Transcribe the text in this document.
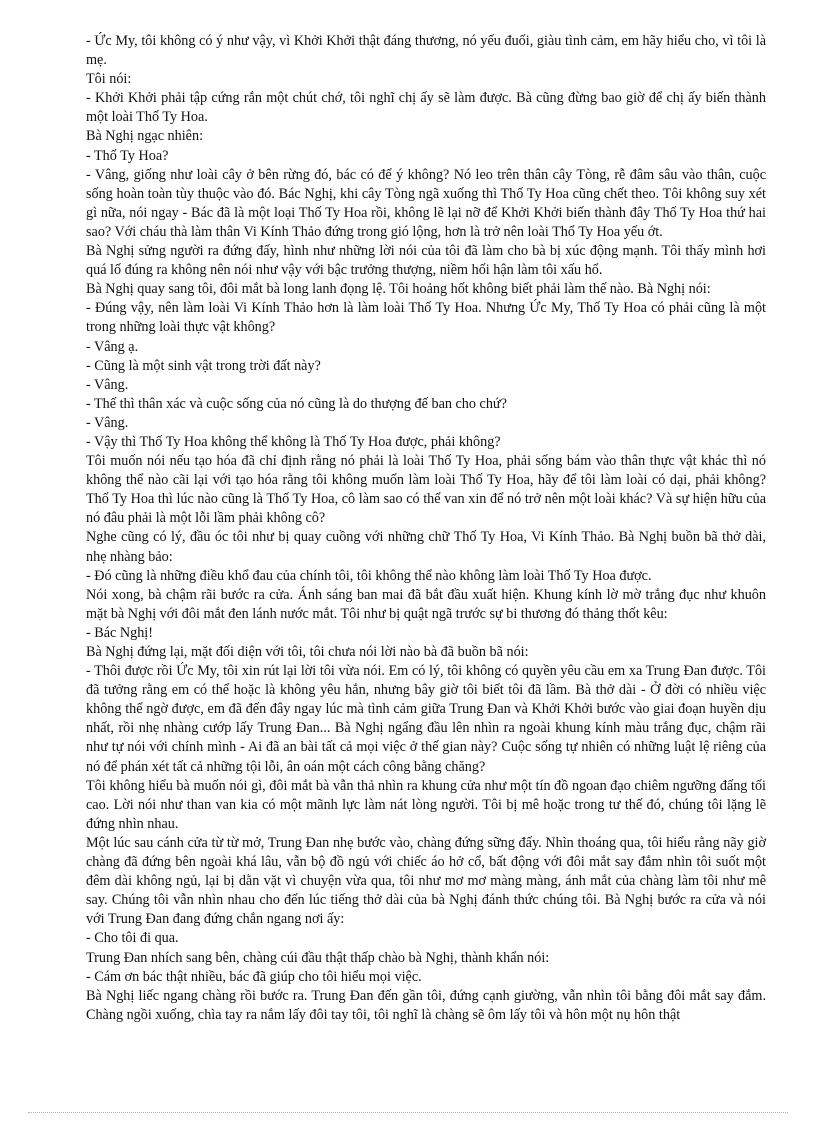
- Ức My, tôi không có ý như vậy, vì Khởi Khởi thật đáng thương, nó yếu đuối, giàu tình cảm, em hãy hiểu cho, vì tôi là mẹ.

Tôi nói:

- Khởi Khởi phải tập cứng rắn một chút chớ, tôi nghĩ chị ấy sẽ làm được. Bà cũng đừng bao giờ để chị ấy biến thành một loài Thố Ty Hoa.

Bà Nghị ngạc nhiên:

- Thố Ty Hoa?

- Vâng, giống như loài cây ở bên rừng đó, bác có để ý không? Nó leo trên thân cây Tòng, rễ đâm sâu vào thân, cuộc sống hoàn toàn tùy thuộc vào đó. Bác Nghị, khi cây Tòng ngã xuống thì Thố Ty Hoa cũng chết theo. Tôi không suy xét gì nữa, nói ngay - Bác đã là một loại Thố Ty Hoa rồi, không lẽ lại nỡ để Khởi Khởi biến thành đây Thố Ty Hoa thứ hai sao? Với cháu thà làm thân Vi Kính Thảo đứng trong gió lộng, hơn là trở nên loài Thố Ty Hoa yếu ớt.

Bà Nghị sửng người ra đứng đấy, hình như những lời nói của tôi đã làm cho bà bị xúc động mạnh. Tôi thấy mình hơi quá lố đúng ra không nên nói như vậy với bậc trưởng thượng, niềm hối hận làm tôi xấu hổ.

Bà Nghị quay sang tôi, đôi mắt bà long lanh đọng lệ. Tôi hoảng hốt không biết phải làm thế nào. Bà Nghị nói:

- Đúng vậy, nên làm loài Vi Kính Thảo hơn là làm loài Thố Ty Hoa. Nhưng Ức My, Thố Ty Hoa có phải cũng là một trong những loài thực vật không?

- Vâng ạ.

- Cũng là một sinh vật trong trời đất này?

- Vâng.

- Thế thì thân xác và cuộc sống của nó cũng là do thượng đế ban cho chứ?

- Vâng.

- Vậy thì Thố Ty Hoa không thể không là Thố Ty Hoa được, phải không?

Tôi muốn nói nếu tạo hóa đã chỉ định rằng nó phải là loài Thố Ty Hoa, phải sống bám vào thân thực vật khác thì nó không thể nào cãi lại với tạo hóa rằng tôi không muốn làm loài Thố Ty Hoa, hãy để tôi làm loài có dại, phải không? Thố Ty Hoa thì lúc nào cũng là Thố Ty Hoa, cô làm sao có thể van xin để nó trở nên một loài khác? Và sự hiện hữu của nó đâu phải là một lỗi lầm phải không cô?

Nghe cũng có lý, đầu óc tôi như bị quay cuồng với những chữ Thố Ty Hoa, Vi Kính Thảo. Bà Nghị buồn bã thở dài, nhẹ nhàng bảo:

- Đó cũng là những điều khổ đau của chính tôi, tôi không thể nào không làm loài Thố Ty Hoa được.

Nói xong, bà chậm rãi bước ra cửa. Ánh sáng ban mai đã bắt đầu xuất hiện. Khung kính lờ mờ trắng đục như khuôn mặt bà Nghị với đôi mắt đen lánh nước mắt. Tôi như bị quật ngã trước sự bi thương đó thảng thốt kêu:

- Bác Nghị!

Bà Nghị đứng lại, mặt đối diện với tôi, tôi chưa nói lời nào bà đã buồn bã nói:

- Thôi được rồi Ức My, tôi xin rút lại lời tôi vừa nói. Em có lý, tôi không có quyền yêu cầu em xa Trung Đan được. Tôi đã tưởng rằng em có thể hoặc là không yêu hắn, nhưng bây giờ tôi biết tôi đã lầm. Bà thở dài - Ở đời có nhiều việc không thể ngờ được, em đã đến đây ngay lúc mà tình cảm giữa Trung Đan và Khởi Khởi bước vào giai đoạn huyền dịu nhất, rồi nhẹ nhàng cướp lấy Trung Đan... Bà Nghị ngẩng đầu lên nhìn ra ngoài khung kính màu trắng đục, chậm rãi như tự nói với chính mình - Ai đã an bài tất cả mọi việc ở thế gian này? Cuộc sống tự nhiên có những luật lệ riêng của nó để phán xét tất cả những tội lỗi, ân oán một cách công bằng chăng?

Tôi không hiểu bà muốn nói gì, đôi mắt bà vẫn thả nhìn ra khung cửa như một tín đồ ngoan đạo chiêm ngưỡng đấng tối cao. Lời nói như than van kia có một mãnh lực làm nát lòng người. Tôi bị mê hoặc trong tư thế đó, chúng tôi lặng lẽ đứng nhìn nhau.

Một lúc sau cánh cửa từ từ mở, Trung Đan nhẹ bước vào, chàng đứng sững đấy. Nhìn thoáng qua, tôi hiểu rằng nãy giờ chàng đã đứng bên ngoài khá lâu, vẫn bộ đồ ngủ với chiếc áo hở cổ, bất động với đôi mắt say đắm nhìn tôi suốt một đêm dài không ngủ, lại bị dằn vặt vì chuyện vừa qua, tôi như mơ mơ màng màng, ánh mắt của chàng làm tôi như mê say. Chúng tôi vẫn nhìn nhau cho đến lúc tiếng thở dài của bà Nghị đánh thức chúng tôi. Bà Nghị bước ra cửa và nói với Trung Đan đang đứng chắn ngang nơi ấy:

- Cho tôi đi qua.

Trung Đan nhích sang bên, chàng cúi đầu thật thấp chào bà Nghị, thành khẩn nói:

- Cám ơn bác thật nhiều, bác đã giúp cho tôi hiểu mọi việc.

Bà Nghị liếc ngang chàng rồi bước ra. Trung Đan đến gần tôi, đứng cạnh giường, vẫn nhìn tôi bằng đôi mắt say đắm. Chàng ngồi xuống, chìa tay ra nắm lấy đôi tay tôi, tôi nghĩ là chàng sẽ ôm lấy tôi và hôn một nụ hôn thật
